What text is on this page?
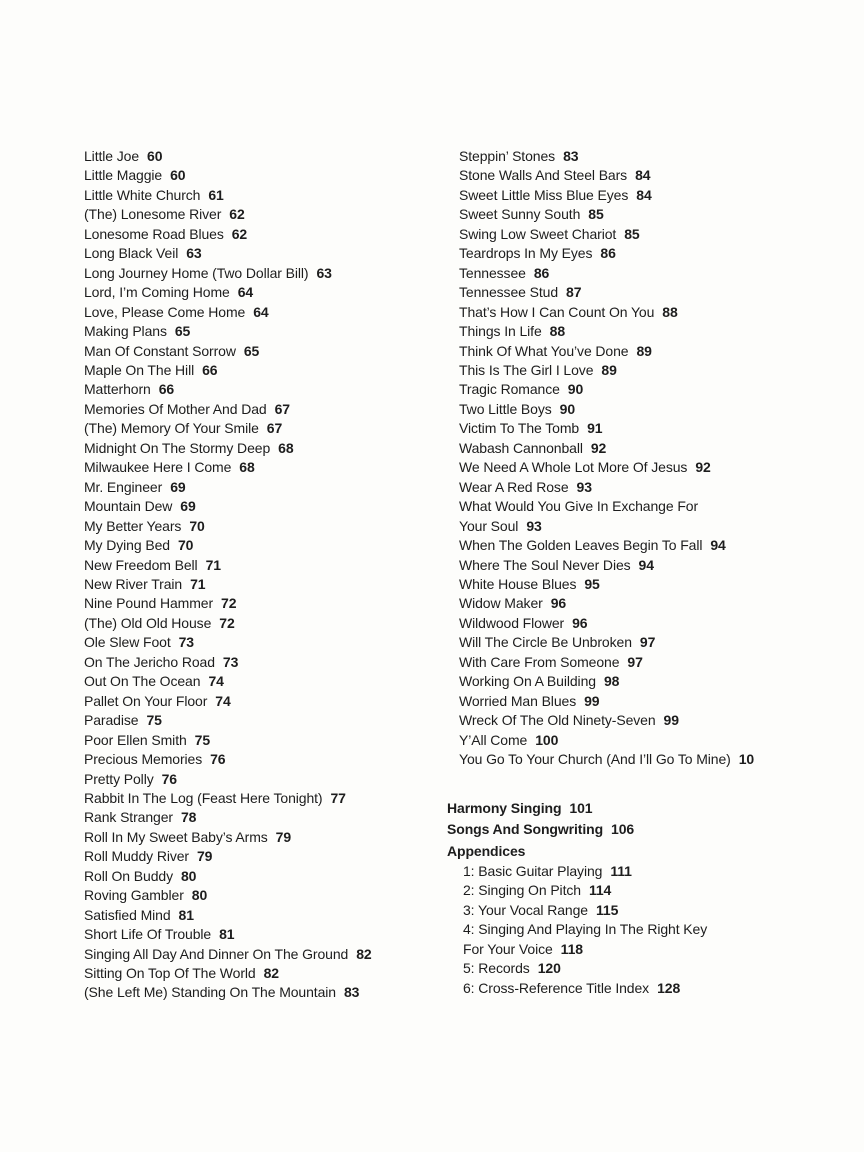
Little Joe 60
Little Maggie 60
Little White Church 61
(The) Lonesome River 62
Lonesome Road Blues 62
Long Black Veil 63
Long Journey Home (Two Dollar Bill) 63
Lord, I’m Coming Home 64
Love, Please Come Home 64
Making Plans 65
Man Of Constant Sorrow 65
Maple On The Hill 66
Matterhorn 66
Memories Of Mother And Dad 67
(The) Memory Of Your Smile 67
Midnight On The Stormy Deep 68
Milwaukee Here I Come 68
Mr. Engineer 69
Mountain Dew 69
My Better Years 70
My Dying Bed 70
New Freedom Bell 71
New River Train 71
Nine Pound Hammer 72
(The) Old Old House 72
Ole Slew Foot 73
On The Jericho Road 73
Out On The Ocean 74
Pallet On Your Floor 74
Paradise 75
Poor Ellen Smith 75
Precious Memories 76
Pretty Polly 76
Rabbit In The Log (Feast Here Tonight) 77
Rank Stranger 78
Roll In My Sweet Baby’s Arms 79
Roll Muddy River 79
Roll On Buddy 80
Roving Gambler 80
Satisfied Mind 81
Short Life Of Trouble 81
Singing All Day And Dinner On The Ground 82
Sitting On Top Of The World 82
(She Left Me) Standing On The Mountain 83
Steppin’ Stones 83
Stone Walls And Steel Bars 84
Sweet Little Miss Blue Eyes 84
Sweet Sunny South 85
Swing Low Sweet Chariot 85
Teardrops In My Eyes 86
Tennessee 86
Tennessee Stud 87
That’s How I Can Count On You 88
Things In Life 88
Think Of What You’ve Done 89
This Is The Girl I Love 89
Tragic Romance 90
Two Little Boys 90
Victim To The Tomb 91
Wabash Cannonball 92
We Need A Whole Lot More Of Jesus 92
Wear A Red Rose 93
What Would You Give In Exchange For
Your Soul 93
When The Golden Leaves Begin To Fall 94
Where The Soul Never Dies 94
White House Blues 95
Widow Maker 96
Wildwood Flower 96
Will The Circle Be Unbroken 97
With Care From Someone 97
Working On A Building 98
Worried Man Blues 99
Wreck Of The Old Ninety-Seven 99
Y’All Come 100
You Go To Your Church (And I’ll Go To Mine) 10
Harmony Singing 101
Songs And Songwriting 106
Appendices
1: Basic Guitar Playing 111
2: Singing On Pitch 114
3: Your Vocal Range 115
4: Singing And Playing In The Right Key
For Your Voice 118
5: Records 120
6: Cross-Reference Title Index 128
